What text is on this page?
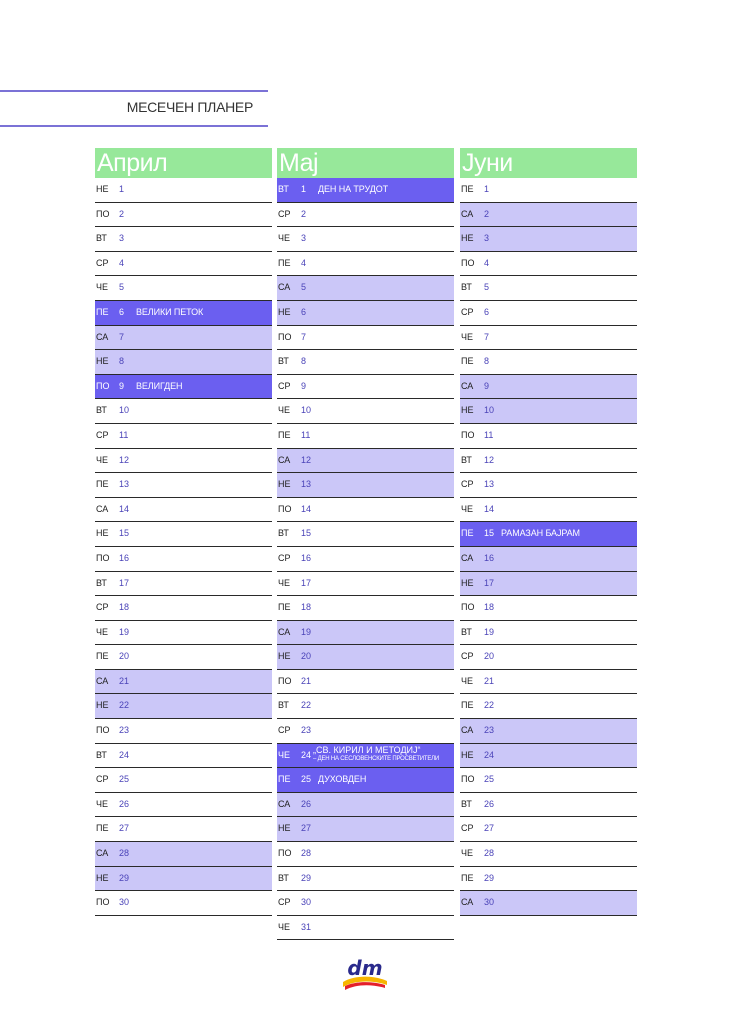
МЕСЕЧЕН ПЛАНЕР
Април
НЕ 1
ПО 2
ВТ 3
СР 4
ЧЕ 5
ПЕ 6 ВЕЛИКИ ПЕТОК
СА 7
НЕ 8
ПО 9 ВЕЛИГДЕН
ВТ 10
СР 11
ЧЕ 12
ПЕ 13
СА 14
НЕ 15
ПО 16
ВТ 17
СР 18
ЧЕ 19
ПЕ 20
СА 21
НЕ 22
ПО 23
ВТ 24
СР 25
ЧЕ 26
ПЕ 27
СА 28
НЕ 29
ПО 30
Мај
ВТ 1 ДЕН НА ТРУДОТ
СР 2
ЧЕ 3
ПЕ 4
СА 5
НЕ 6
ПО 7
ВТ 8
СР 9
ЧЕ 10
ПЕ 11
СА 12
НЕ 13
ПО 14
ВТ 15
СР 16
ЧЕ 17
ПЕ 18
СА 19
НЕ 20
ПО 21
ВТ 22
СР 23
ЧЕ 24 „СВ. КИРИЛ И МЕТОДИЈ“
– ДЕН НА СЕСЛОВЕНСКИТЕ ПРОСВЕТИТЕЛИ
ПЕ 25 ДУХОВДЕН
СА 26
НЕ 27
ПО 28
ВТ 29
СР 30
ЧЕ 31
Јуни
ПЕ 1
СА 2
НЕ 3
ПО 4
ВТ 5
СР 6
ЧЕ 7
ПЕ 8
СА 9
НЕ 10
ПО 11
ВТ 12
СР 13
ЧЕ 14
ПЕ 15 РАМАЗАН БАЈРАМ
СА 16
НЕ 17
ПО 18
ВТ 19
СР 20
ЧЕ 21
ПЕ 22
СА 23
НЕ 24
ПО 25
ВТ 26
СР 27
ЧЕ 28
ПЕ 29
СА 30
dm
